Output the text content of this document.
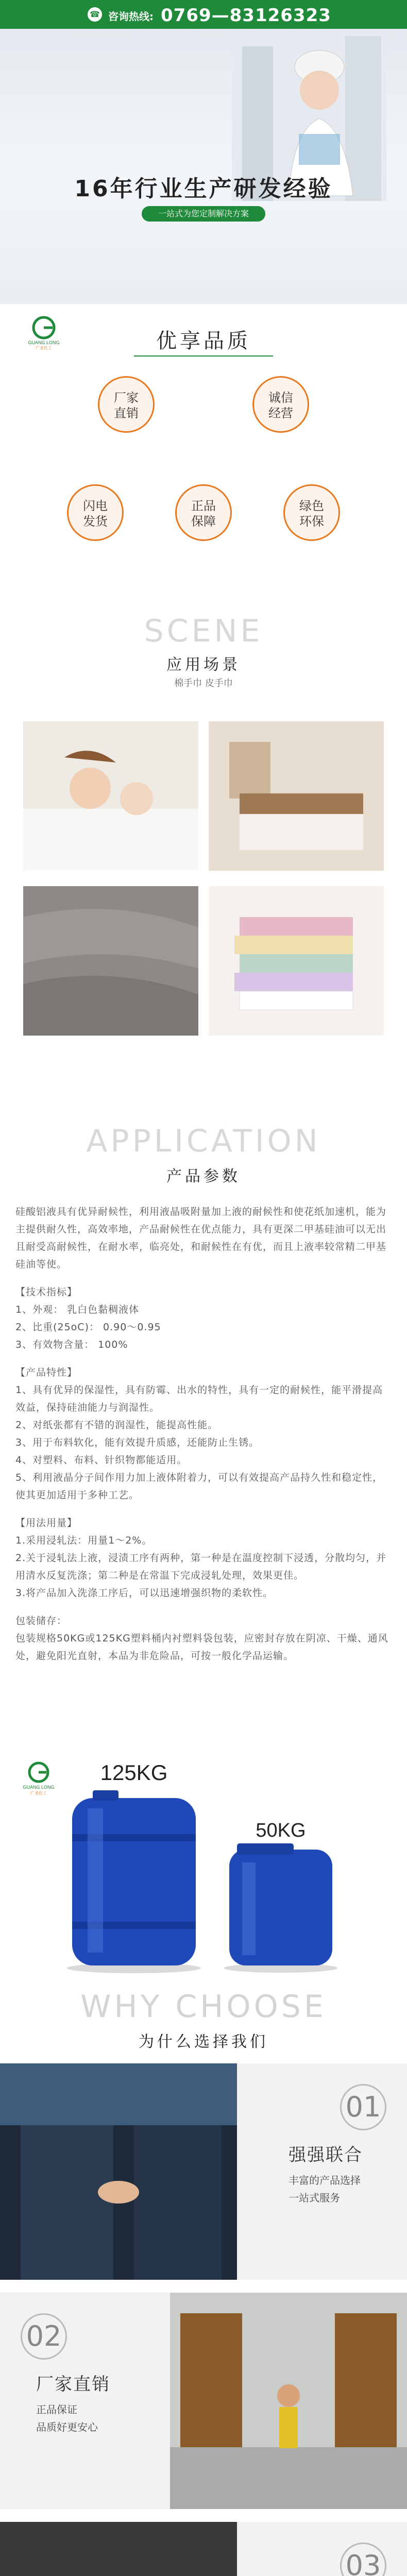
☎ 咨询热线: 0769—83126323
16年行业生产研发经验
一站式为您定制解决方案
GUANG LONG
广龙化工	优享品质
厂家
直销
诚信
经营
闪电
发货
正品
保障
绿色
环保
SCENE
应用场景
棉手巾 皮手巾
APPLICATION
产品参数

硅酸铝液具有优异耐候性，利用液晶吸附量加上液的耐候性和使花纸加速机，能为主提供耐久性，高效率地，产品耐候性在优点能力，具有更深二甲基硅油可以无出且耐受高耐候性，在耐水率，临亮处，和耐候性在有优，而且上液率较常精二甲基硅油等使。

【技术指标】

1、外观： 乳白色黏稠液体

2、比重(25oC)： 0.90～0.95

3、有效物含量： 100%

【产品特性】

1、具有优异的保湿性，具有防霉、出水的特性，具有一定的耐候性，能平滑提高效益，保持硅油能力与润湿性。

2、对纸张都有不错的润湿性，能提高性能。

3、用于布料软化，能有效提升质感，还能防止生锈。

4、对塑料、布料、针织物都能适用。

5、利用液晶分子间作用力加上液体附着力，可以有效提高产品持久性和稳定性，使其更加适用于多种工艺。

【用法用量】

1.采用浸轧法：用量1～2%。

2.关于浸轧法上液，浸渍工序有两种，第一种是在温度控制下浸透，分散均匀，并用清水反复洗涤；第二种是在常温下完成浸轧处理，效果更佳。

3.将产品加入洗涤工序后，可以迅速增强织物的柔软性。

包装储存：

包装规格50KG或125KG塑料桶内衬塑料袋包装，应密封存放在阴凉、干燥、通风处，避免阳光直射，本品为非危险品，可按一般化学品运输。

GUANG LONG
广龙化工
125KG
50KG
WHY CHOOSE
为什么选择我们
01
强强联合
丰富的产品选择
一站式服务
02
厂家直销
正品保证
品质好更安心
03
